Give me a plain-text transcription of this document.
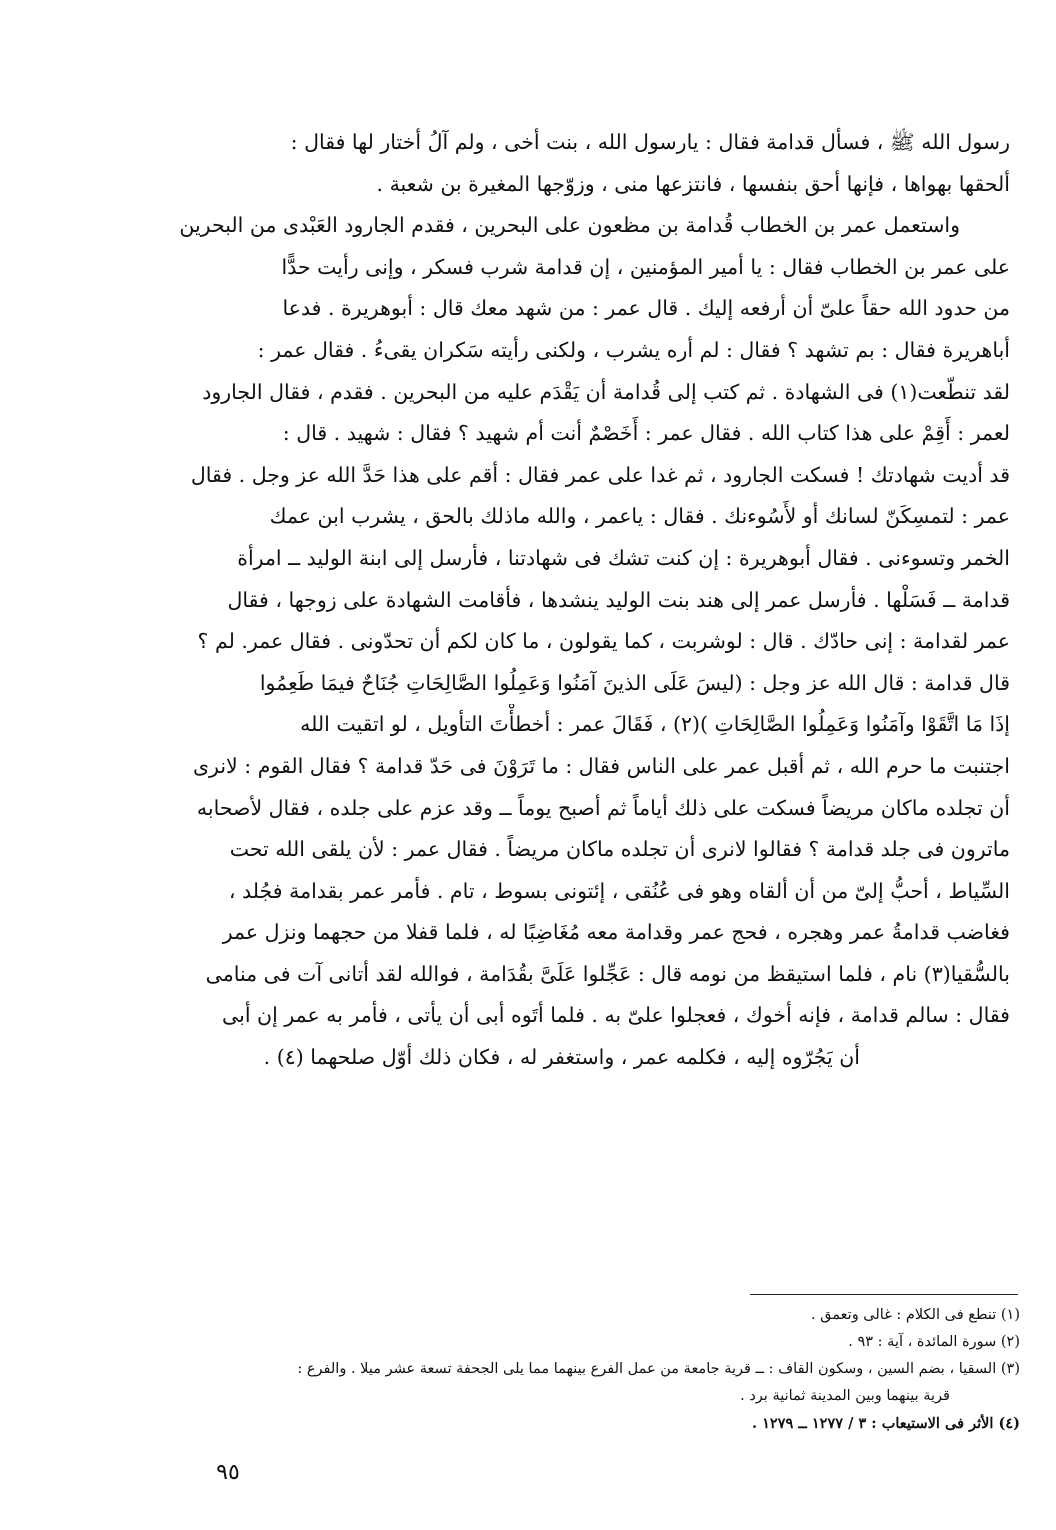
رسول الله ﷺ ، فسأل قدامة فقال : يارسول الله ، بنت أخى ، ولم آلُ أختار لها فقال :
ألحقها بهواها ، فإنها أحق بنفسها ، فانتزعها منى ، وزوّجها المغيرة بن شعبة .
واستعمل عمر بن الخطاب قُدامة بن مظعون على البحرين ، فقدم الجارود العَبْدى من البحرين
على عمر بن الخطاب فقال : يا أمير المؤمنين ، إن قدامة شرب فسكر ، وإنى رأيت حدًّا
من حدود الله حقاً علىّ أن أرفعه إليك . قال عمر : من شهد معك قال : أبوهريرة . فدعا
أباهريرة فقال : بم تشهد ؟ فقال : لم أره يشرب ، ولكنى رأيته سَكران يقىءُ . فقال عمر :
لقد تنطّعت(١) فى الشهادة . ثم كتب إلى قُدامة أن يَقْدَم عليه من البحرين . فقدم ، فقال الجارود
لعمر : أَقِمْ على هذا كتاب الله . فقال عمر : أَخَصْمٌ أنت أم شهيد ؟ فقال : شهيد . قال :
قد أديت شهادتك ! فسكت الجارود ، ثم غدا على عمر فقال : أقم على هذا حَدَّ الله عز وجل . فقال
عمر : لتمسِكَنّ لسانك أو لأَسُوءنك . فقال : ياعمر ، والله ماذلك بالحق ، يشرب ابن عمك
الخمر وتسوءنى . فقال أبوهريرة : إن كنت تشك فى شهادتنا ، فأرسل إلى ابنة الوليد ــ امرأة
قدامة ــ فَسَلْها . فأرسل عمر إلى هند بنت الوليد ينشدها ، فأقامت الشهادة على زوجها ، فقال
عمر لقدامة : إنى حادّك . قال : لوشربت ، كما يقولون ، ما كان لكم أن تحدّونى . فقال عمر. لم ؟
قال قدامة : قال الله عز وجل : (ليسَ عَلَى الذينَ آمَنُوا وَعَمِلُوا الصَّالِحَاتِ جُنَاحٌ فيمَا طَعِمُوا
إذَا مَا اتَّقَوْا وآمَنُوا وَعَمِلُوا الصَّالِحَاتِ )(٢) ، فَقَالَ عمر : أخطأْتَ التأويل ، لو اتقيت الله
اجتنبت ما حرم الله ، ثم أقبل عمر على الناس فقال : ما تَرَوْنَ فى حَدّ قدامة ؟ فقال القوم : لانرى
أن تجلده ماكان مريضاً فسكت على ذلك أياماً ثم أصبح يوماً ــ وقد عزم على جلده ، فقال لأصحابه
ماترون فى جلد قدامة ؟ فقالوا لانرى أن تجلده ماكان مريضاً . فقال عمر : لأن يلقى الله تحت
السِّياط ، أحبُّ إلىّ من أن ألقاه وهو فى عُنُقى ، إئتونى بسوط ، تام . فأمر عمر بقدامة فجُلد ،
فغاضب قدامةُ عمر وهجره ، فحج عمر وقدامة معه مُغَاضِبًا له ، فلما قفلا من حجهما ونزل عمر
بالسُّقيا(٣) نام ، فلما استيقظ من نومه قال : عَجِّلوا عَلَىَّ بقُدَامة ، فوالله لقد أتانى آت فى منامى
فقال : سالم قدامة ، فإنه أخوك ، فعجلوا علىّ به . فلما أتَوه أبى أن يأتى ، فأمر به عمر إن أبى
أن يَجُرّوه إليه ، فكلمه عمر ، واستغفر له ، فكان ذلك أوّل صلحهما (٤) .
(١) تنطع فى الكلام : غالى وتعمق .
(٢) سورة المائدة ، آية : ٩٣ .
(٣) السقيا ، بضم السين ، وسكون القاف : ــ قرية جامعة من عمل الفرع بينهما مما يلى الجحفة تسعة عشر ميلا . والفرع :
قرية بينهما وبين المدينة ثمانية برد .
(٤) الأثر فى الاستيعاب : ٣ / ١٢٧٧ ــ ١٢٧٩ .
٩٥
